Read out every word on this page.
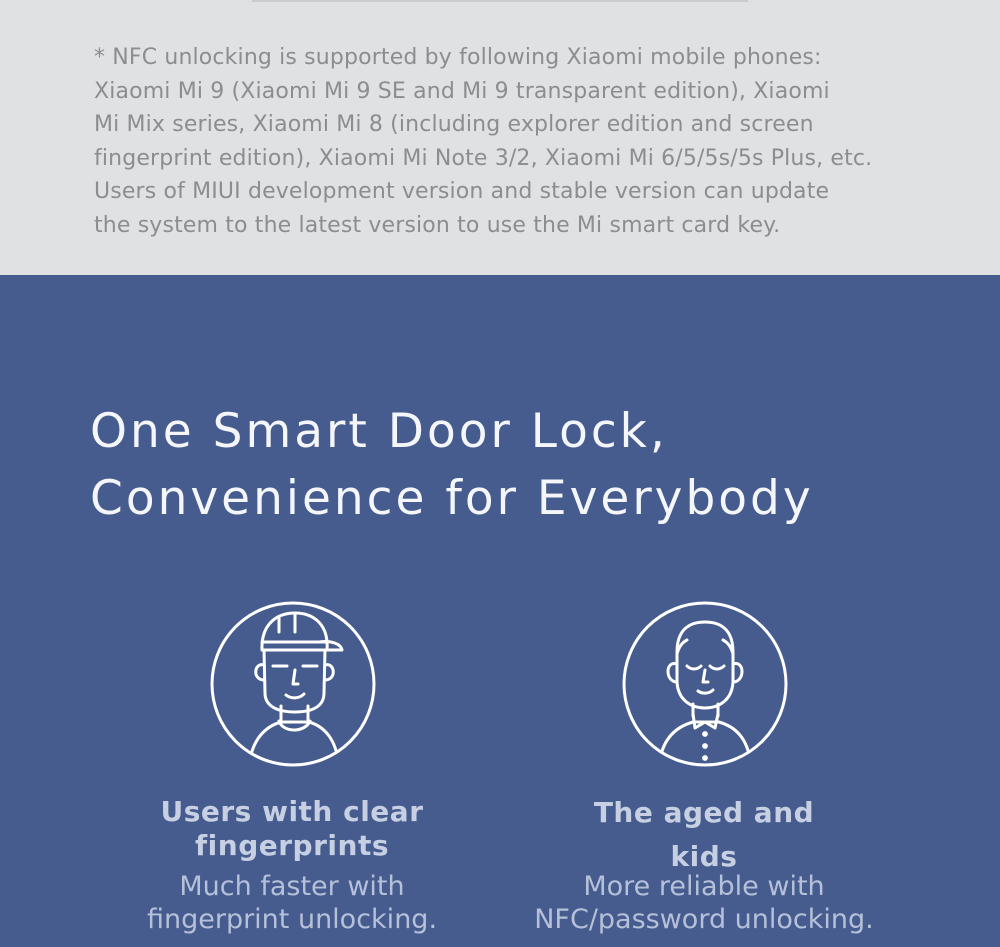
* NFC unlocking is supported by following Xiaomi mobile phones:
Xiaomi Mi 9 (Xiaomi Mi 9 SE and Mi 9 transparent edition), Xiaomi
Mi Mix series, Xiaomi Mi 8 (including explorer edition and screen
fingerprint edition), Xiaomi Mi Note 3/2, Xiaomi Mi 6/5/5s/5s Plus, etc.
Users of MIUI development version and stable version can update
the system to the latest version to use the Mi smart card key.
One Smart Door Lock,
Convenience for Everybody
Users with clear
fingerprints

Much faster with
fingerprint unlocking.

The aged and
kids

More reliable with
NFC/password unlocking.
